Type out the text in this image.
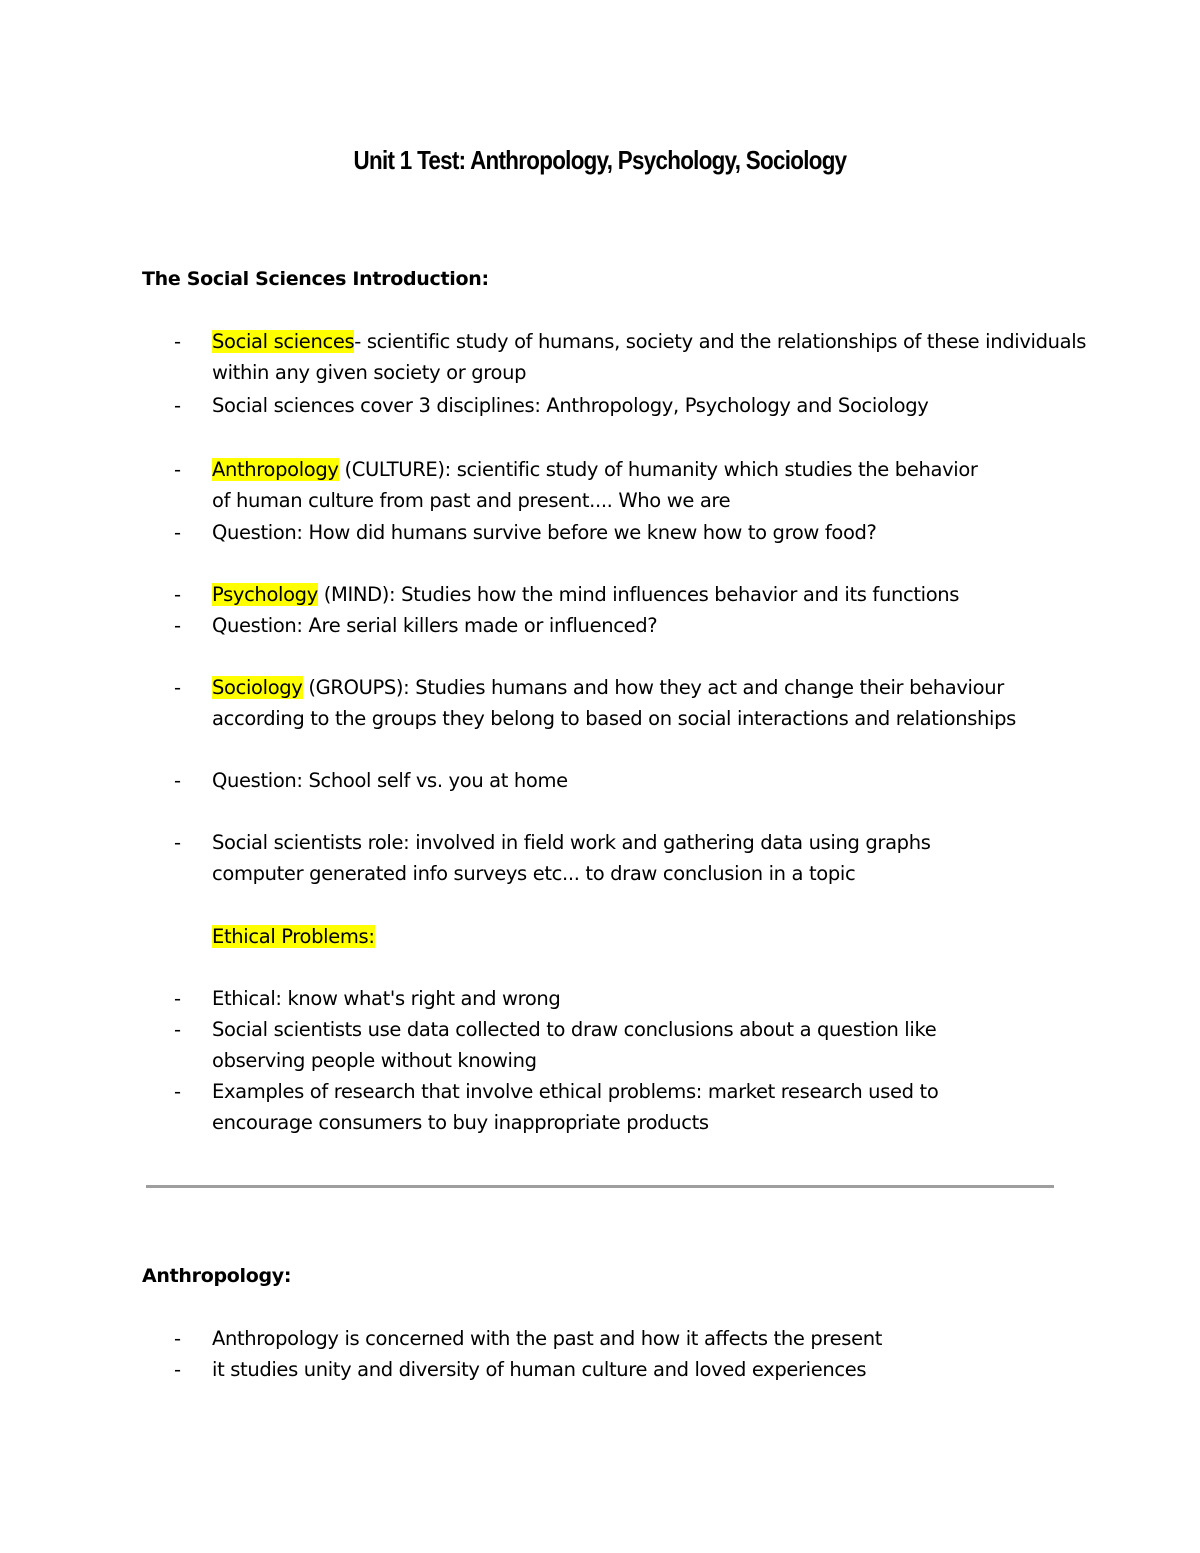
Unit 1 Test: Anthropology, Psychology, Sociology
The Social Sciences Introduction:
- Social sciences- scientific study of humans, society and the relationships of these individuals within any given society or group
- Social sciences cover 3 disciplines: Anthropology, Psychology and Sociology
- Anthropology (CULTURE): scientific study of humanity which studies the behavior of human culture from past and present.... Who we are
- Question: How did humans survive before we knew how to grow food?
- Psychology (MIND): Studies how the mind influences behavior and its functions
- Question: Are serial killers made or influenced?
- Sociology (GROUPS): Studies humans and how they act and change their behaviour according to the groups they belong to based on social interactions and relationships
- Question: School self vs. you at home
- Social scientists role: involved in field work and gathering data using graphs computer generated info surveys etc... to draw conclusion in a topic
Ethical Problems:
- Ethical: know what's right and wrong
- Social scientists use data collected to draw conclusions about a question like observing people without knowing
- Examples of research that involve ethical problems: market research used to encourage consumers to buy inappropriate products
Anthropology:
- Anthropology is concerned with the past and how it affects the present
- it studies unity and diversity of human culture and loved experiences
